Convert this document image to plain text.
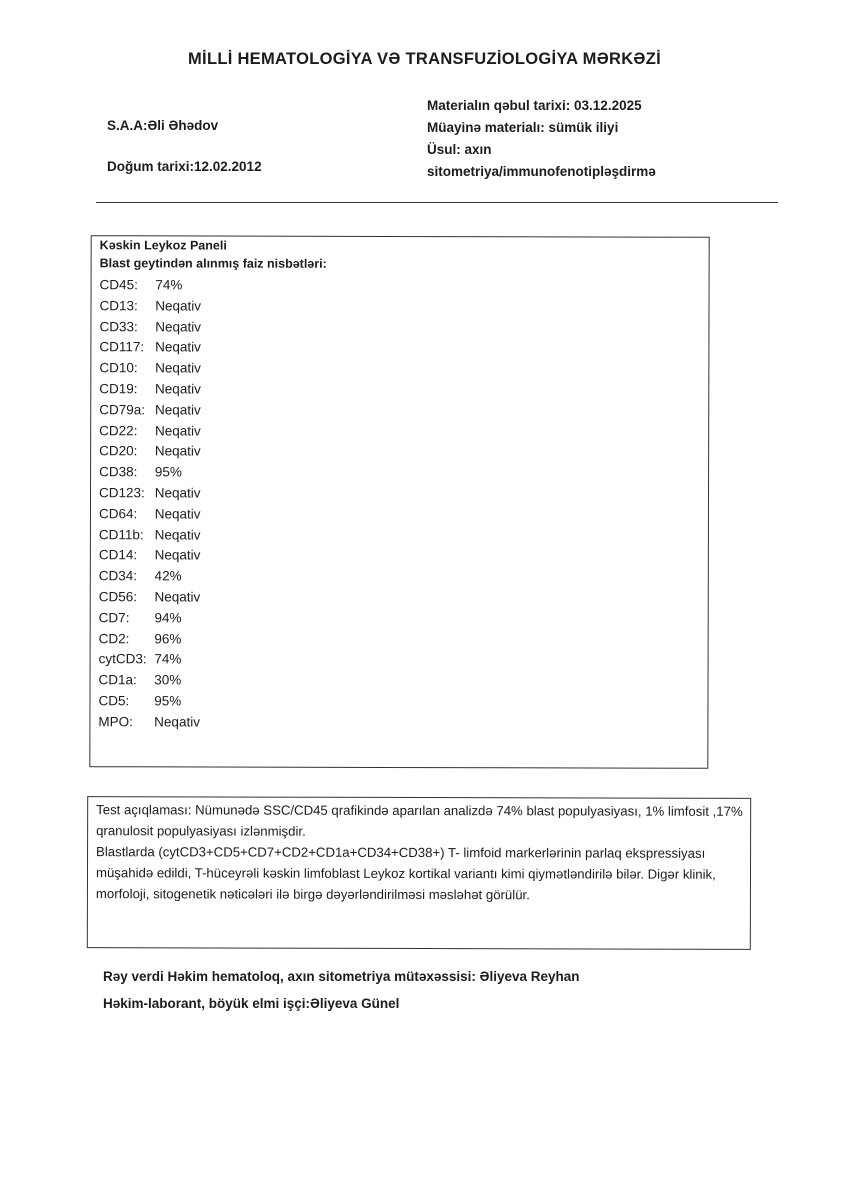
MİLLİ HEMATOLOGİYA VƏ TRANSFUZİOLOGİYA MƏRKƏZİ
S.A.A:Əli Əhədov
Doğum tarixi:12.02.2012
Materialın qəbul tarixi: 03.12.2025
Müayinə materialı: sümük iliyi
Üsul: axın
sitometriya/immunofenotipləşdirmə
Kəskin Leykoz Paneli
Blast geytindən alınmış faiz nisbətləri:
CD45: 74%
CD13: Neqativ
CD33: Neqativ
CD117: Neqativ
CD10: Neqativ
CD19: Neqativ
CD79a: Neqativ
CD22: Neqativ
CD20: Neqativ
CD38: 95%
CD123: Neqativ
CD64: Neqativ
CD11b: Neqativ
CD14: Neqativ
CD34: 42%
CD56: Neqativ
CD7: 94%
CD2: 96%
cytCD3: 74%
CD1a: 30%
CD5: 95%
MPO: Neqativ

Test açıqlaması: Nümunədə SSC/CD45 qrafikində aparılan analizdə 74% blast populyasiyası, 1% limfosit ,17% qranulosit populyasiyası izlənmişdir.

Blastlarda (cytCD3+CD5+CD7+CD2+CD1a+CD34+CD38+) T- limfoid markerlərinin parlaq ekspressiyası müşahidə edildi, T-hüceyrəli kəskin limfoblast Leykoz kortikal variantı kimi qiymətləndirilə bilər. Digər klinik, morfoloji, sitogenetik nəticələri ilə birgə dəyərləndirilməsi məsləhət görülür.

Rəy verdi Həkim hematoloq, axın sitometriya mütəxəssisi: Əliyeva Reyhan
Həkim-laborant, böyük elmi işçi:Əliyeva Günel
